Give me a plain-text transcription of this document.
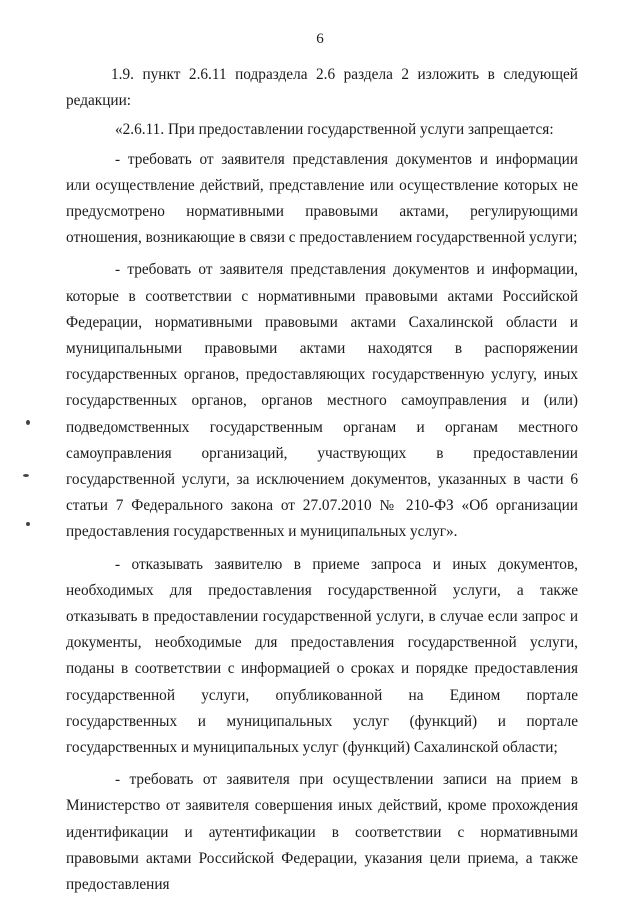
6

1.9. пункт 2.6.11 подраздела 2.6 раздела 2 изложить в следующей редакции:

«2.6.11. При предоставлении государственной услуги запрещается:

- требовать от заявителя представления документов и информации или осуществление действий, представление или осуществление которых не предусмотрено нормативными правовыми актами, регулирующими отношения, возникающие в связи с предоставлением государственной услуги;

- требовать от заявителя представления документов и информации, которые в соответствии с нормативными правовыми актами Российской Федерации, нормативными правовыми актами Сахалинской области и муниципальными правовыми актами находятся в распоряжении государственных органов, предоставляющих государственную услугу, иных государственных органов, органов местного самоуправления и (или) подведомственных государственным органам и органам местного самоуправления организаций, участвующих в предоставлении государственной услуги, за исключением документов, указанных в части 6 статьи 7 Федерального закона от 27.07.2010 № 210-ФЗ «Об организации предоставления государственных и муниципальных услуг».

- отказывать заявителю в приеме запроса и иных документов, необходимых для предоставления государственной услуги, а также отказывать в предоставлении государственной услуги, в случае если запрос и документы, необходимые для предоставления государственной услуги, поданы в соответствии с информацией о сроках и порядке предоставления государственной услуги, опубликованной на Едином портале государственных и муниципальных услуг (функций) и портале государственных и муниципальных услуг (функций) Сахалинской области;

- требовать от заявителя при осуществлении записи на прием в Министерство от заявителя совершения иных действий, кроме прохождения идентификации и аутентификации в соответствии с нормативными правовыми актами Российской Федерации, указания цели приема, а также предоставления
